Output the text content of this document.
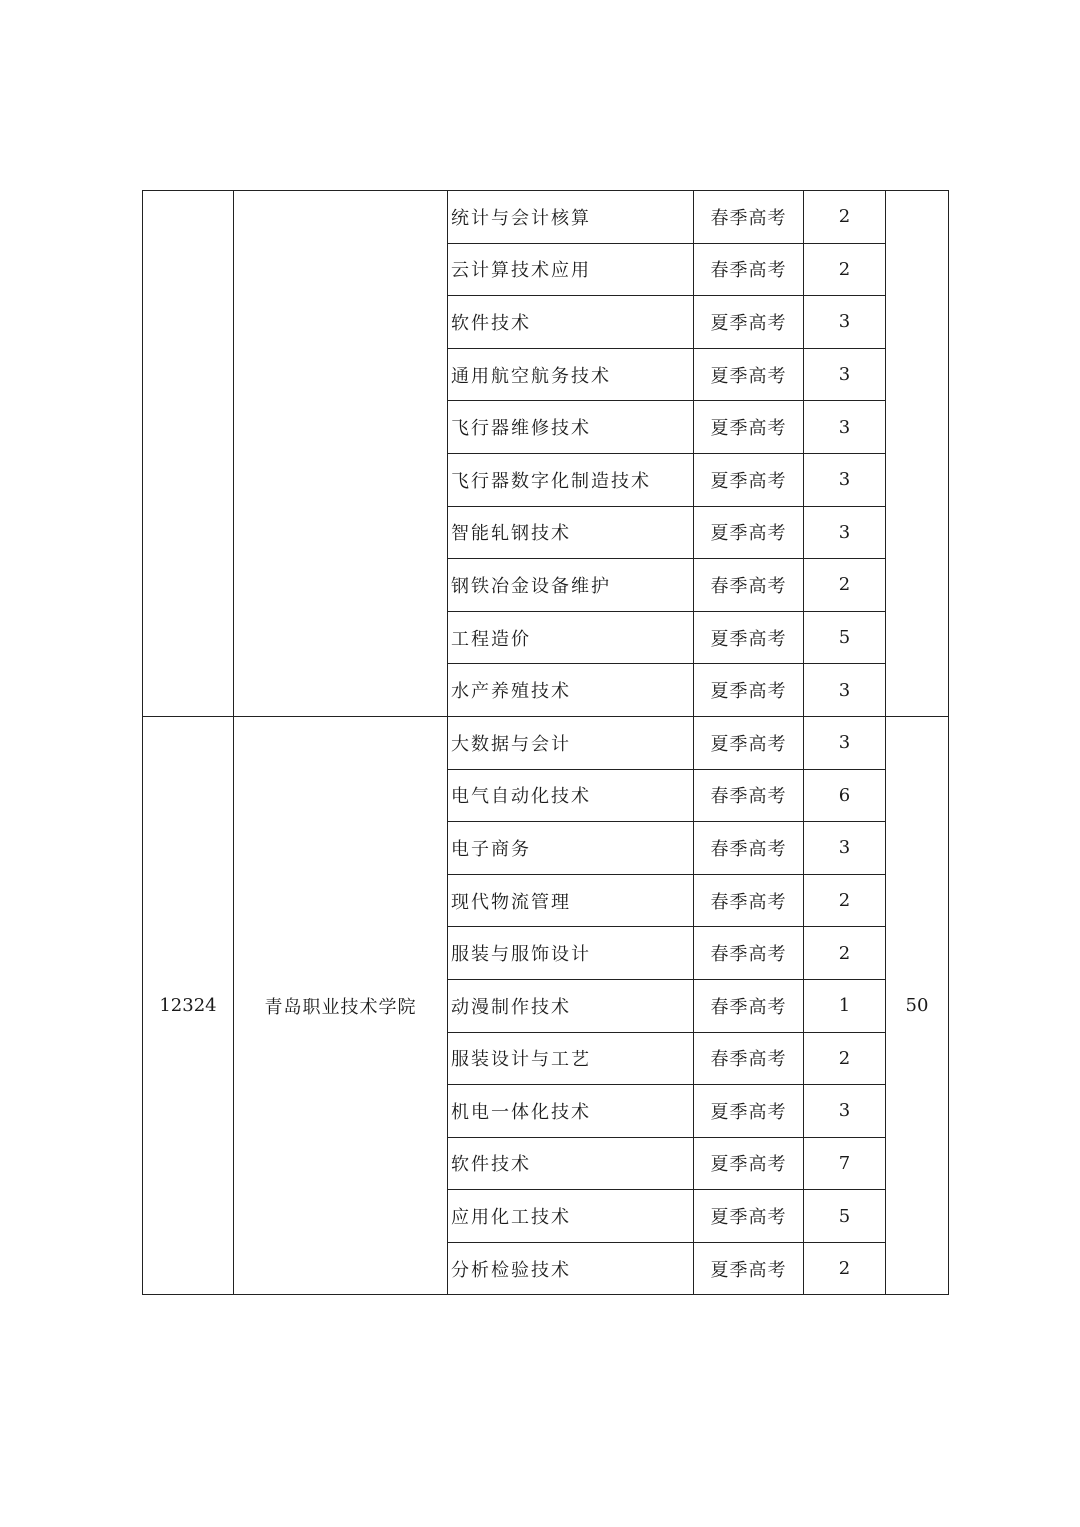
		统计与会计核算	春季高考	2	
		云计算技术应用	春季高考	2	
		软件技术	夏季高考	3	
		通用航空航务技术	夏季高考	3	
		飞行器维修技术	夏季高考	3	
		飞行器数字化制造技术	夏季高考	3	
		智能轧钢技术	夏季高考	3	
		钢铁冶金设备维护	春季高考	2	
		工程造价	夏季高考	5	
		水产养殖技术	夏季高考	3	
12324	青岛职业技术学院	大数据与会计	夏季高考	3	50
		电气自动化技术	春季高考	6	
		电子商务	春季高考	3	
		现代物流管理	春季高考	2	
		服装与服饰设计	春季高考	2	
		动漫制作技术	春季高考	1	
		服装设计与工艺	春季高考	2	
		机电一体化技术	夏季高考	3	
		软件技术	夏季高考	7	
		应用化工技术	夏季高考	5	
		分析检验技术	夏季高考	2	
